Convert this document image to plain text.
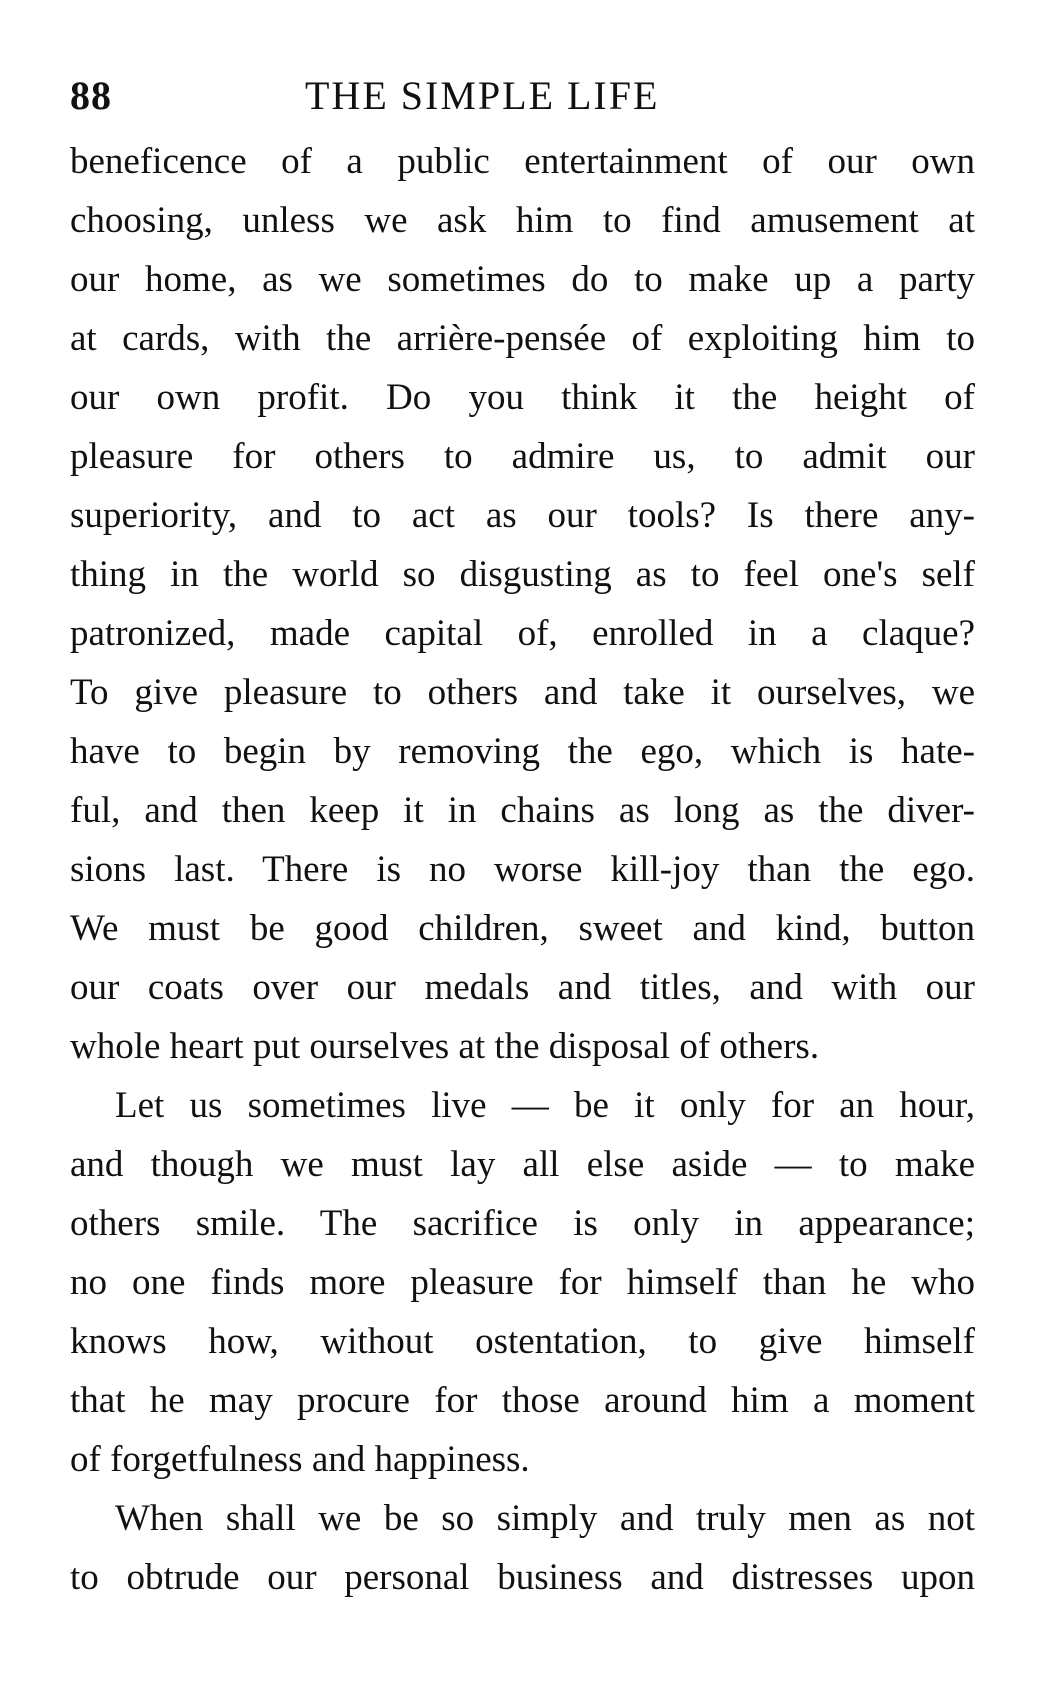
88	THE SIMPLE LIFE
beneficence of a public entertainment of our own
choosing, unless we ask him to find amusement at
our home, as we sometimes do to make up a party
at cards, with the arrière-pensée of exploiting him to
our own profit. Do you think it the height of
pleasure for others to admire us, to admit our
superiority, and to act as our tools? Is there any-
thing in the world so disgusting as to feel one's self
patronized, made capital of, enrolled in a claque?
To give pleasure to others and take it ourselves, we
have to begin by removing the ego, which is hate-
ful, and then keep it in chains as long as the diver-
sions last. There is no worse kill-joy than the ego.
We must be good children, sweet and kind, button
our coats over our medals and titles, and with our
whole heart put ourselves at the disposal of others.
Let us sometimes live — be it only for an hour,
and though we must lay all else aside — to make
others smile. The sacrifice is only in appearance;
no one finds more pleasure for himself than he who
knows how, without ostentation, to give himself
that he may procure for those around him a moment
of forgetfulness and happiness.
When shall we be so simply and truly men as not
to obtrude our personal business and distresses upon
